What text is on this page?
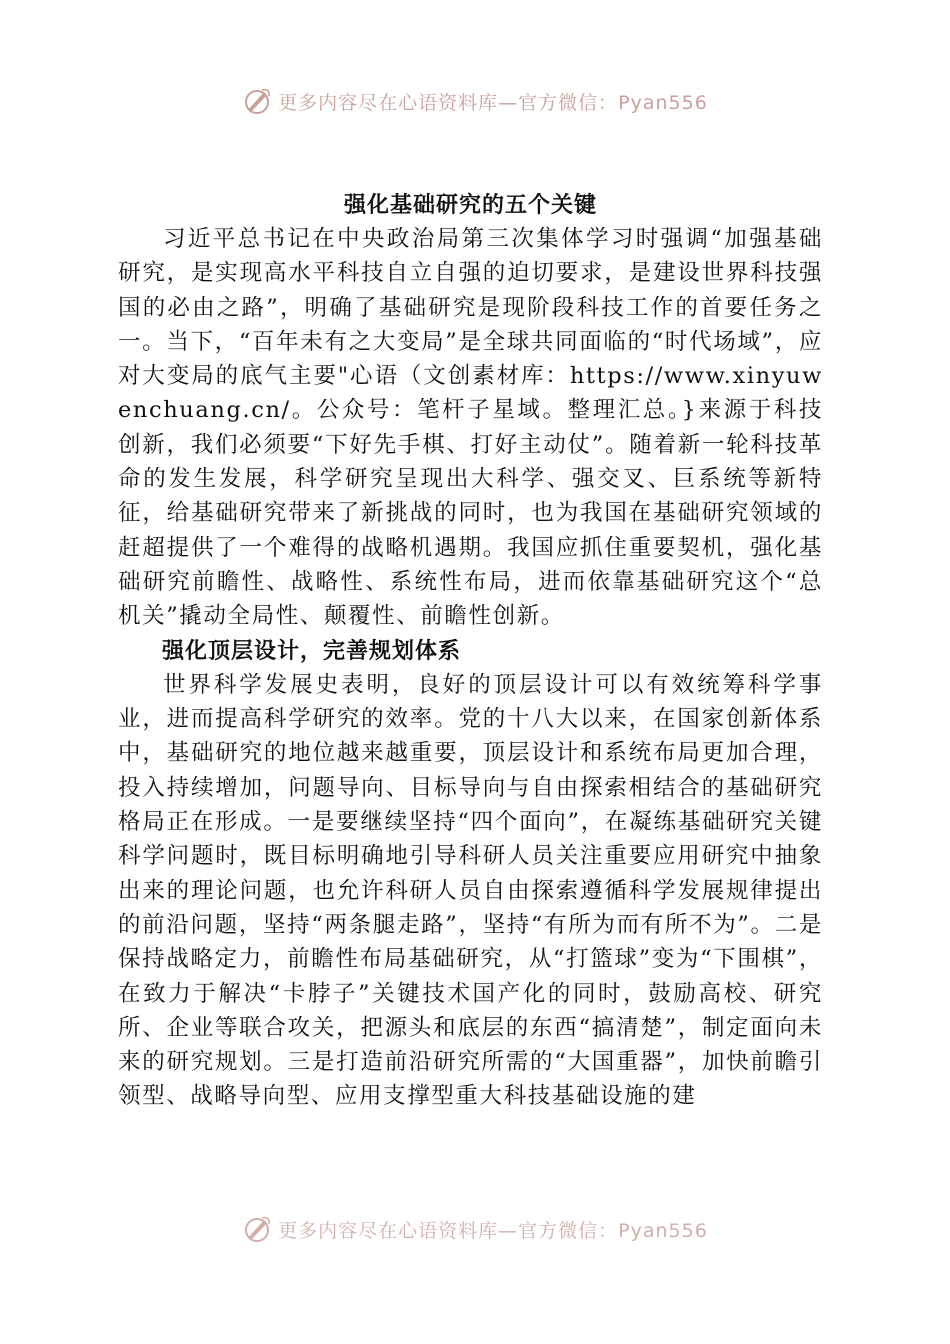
更多内容尽在心语资料库—官方微信：Pyan556
强化基础研究的五个关键

习近平总书记在中央政治局第三次集体学习时强调“加强基础研究，是实现高水平科技自立自强的迫切要求，是建设世界科技强国的必由之路”，明确了基础研究是现阶段科技工作的首要任务之一。当下，“百年未有之大变局”是全球共同面临的“时代场域”，应对大变局的底气主要"心语（文创素材库：https://www.xinyuwenchuang.cn/。公众号：笔杆子星域。整理汇总。}来源于科技创新，我们必须要“下好先手棋、打好主动仗”。随着新一轮科技革命的发生发展，科学研究呈现出大科学、强交叉、巨系统等新特征，给基础研究带来了新挑战的同时，也为我国在基础研究领域的赶超提供了一个难得的战略机遇期。我国应抓住重要契机，强化基础研究前瞻性、战略性、系统性布局，进而依靠基础研究这个“总机关”撬动全局性、颠覆性、前瞻性创新。

强化顶层设计，完善规划体系

世界科学发展史表明，良好的顶层设计可以有效统筹科学事业，进而提高科学研究的效率。党的十八大以来，在国家创新体系中，基础研究的地位越来越重要，顶层设计和系统布局更加合理，投入持续增加，问题导向、目标导向与自由探索相结合的基础研究格局正在形成。一是要继续坚持“四个面向”，在凝练基础研究关键科学问题时，既目标明确地引导科研人员关注重要应用研究中抽象出来的理论问题，也允许科研人员自由探索遵循科学发展规律提出的前沿问题，坚持“两条腿走路”，坚持“有所为而有所不为”。二是保持战略定力，前瞻性布局基础研究，从“打篮球”变为“下围棋”，在致力于解决“卡脖子”关键技术国产化的同时，鼓励高校、研究所、企业等联合攻关，把源头和底层的东西“搞清楚”，制定面向未来的研究规划。三是打造前沿研究所需的“大国重器”，加快前瞻引领型、战略导向型、应用支撑型重大科技基础设施的建

更多内容尽在心语资料库—官方微信：Pyan556
